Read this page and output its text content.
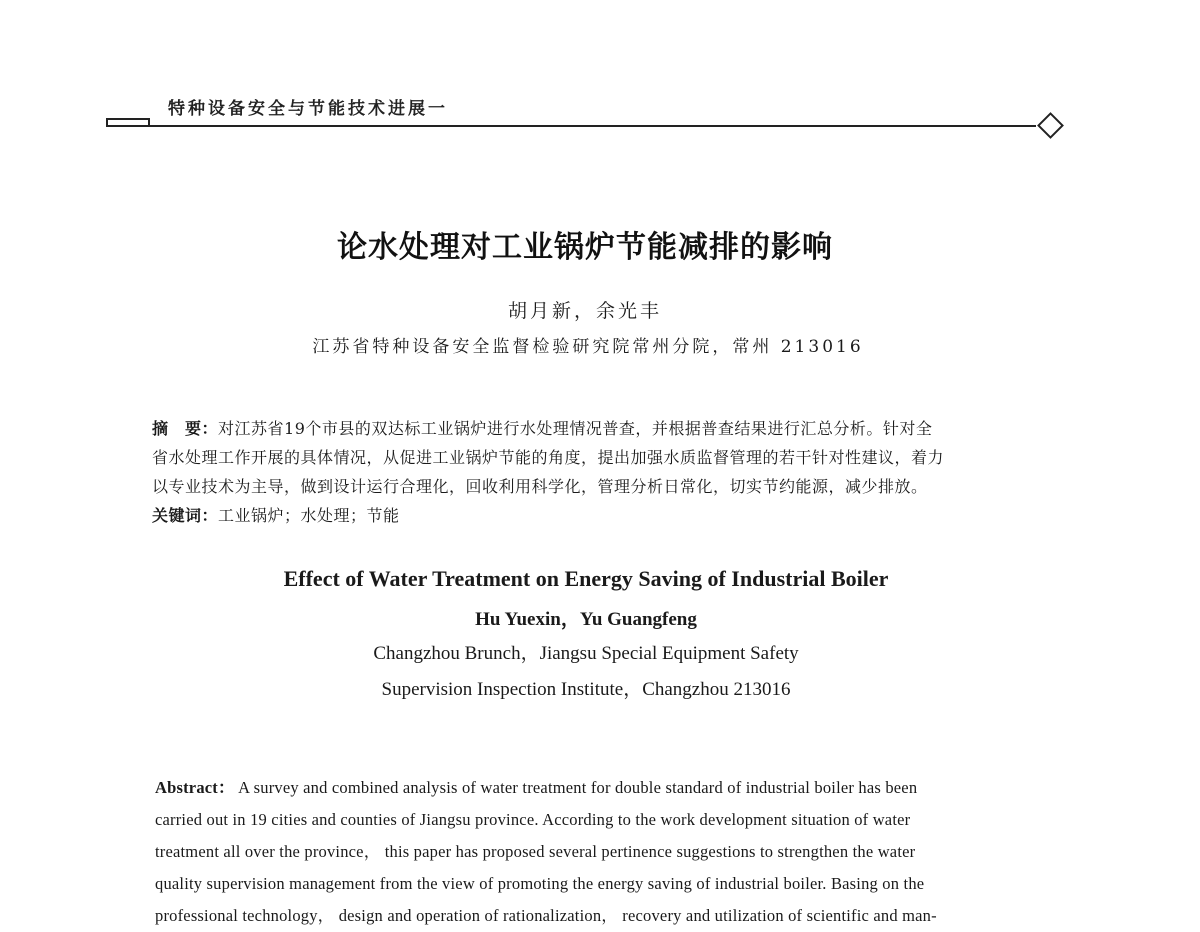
特种设备安全与节能技术进展一
论水处理对工业锅炉节能减排的影响
胡月新，余光丰
江苏省特种设备安全监督检验研究院常州分院，常州 213016
摘　要：对江苏省19个市县的双达标工业锅炉进行水处理情况普查，并根据普查结果进行汇总分析。针对全
省水处理工作开展的具体情况，从促进工业锅炉节能的角度，提出加强水质监督管理的若干针对性建议，着力
以专业技术为主导，做到设计运行合理化，回收利用科学化，管理分析日常化，切实节约能源，减少排放。
关键词：工业锅炉；水处理；节能
Effect of Water Treatment on Energy Saving of Industrial Boiler
Hu Yuexin，Yu Guangfeng
Changzhou Brunch，Jiangsu Special Equipment Safety
Supervision Inspection Institute，Changzhou 213016
Abstract： A survey and combined analysis of water treatment for double standard of industrial boiler has been
carried out in 19 cities and counties of Jiangsu province. According to the work development situation of water
treatment all over the province， this paper has proposed several pertinence suggestions to strengthen the water
quality supervision management from the view of promoting the energy saving of industrial boiler. Basing on the
professional technology， design and operation of rationalization， recovery and utilization of scientific and man-
